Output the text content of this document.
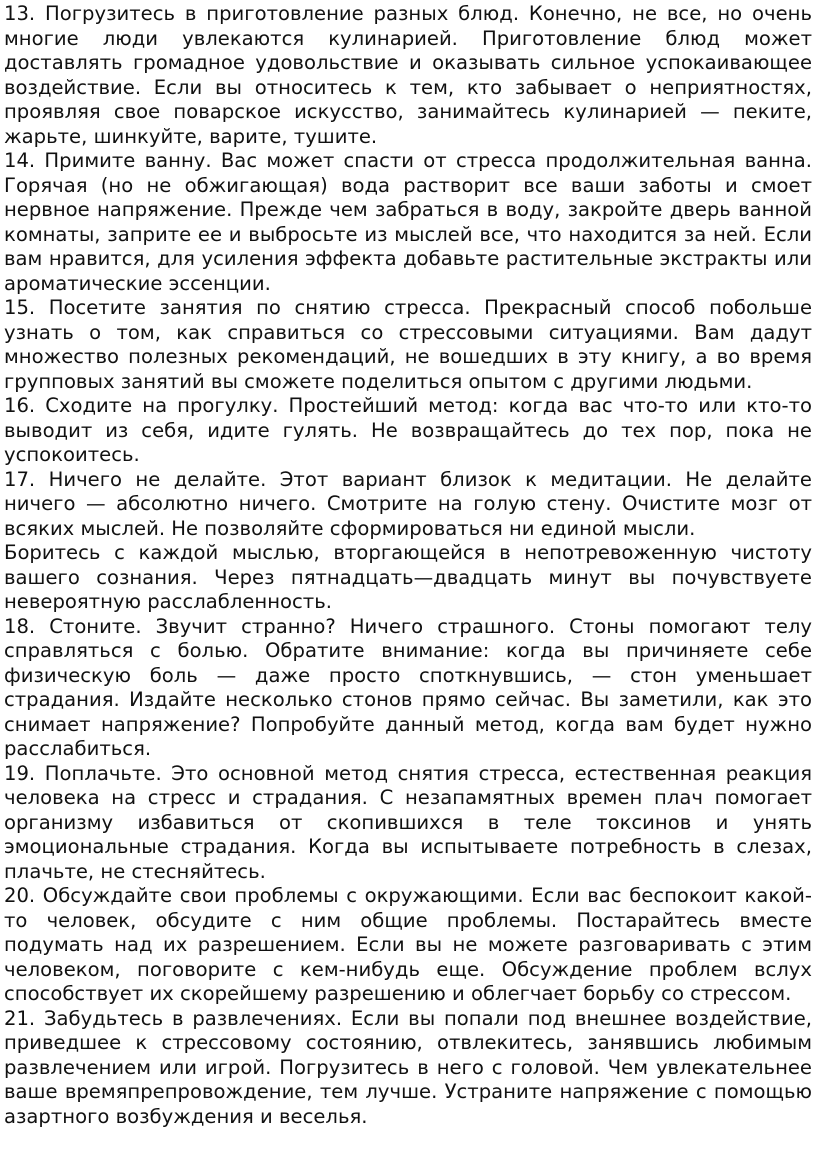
13. Погрузитесь в приготовление разных блюд. Конечно, не все, но очень многие люди увлекаются кулинарией. Приготовление блюд может доставлять громадное удовольствие и оказывать сильное успокаивающее воздействие. Если вы относитесь к тем, кто забывает о неприятностях, проявляя свое поварское искусство, занимайтесь кулинарией — пеките, жарьте, шинкуйте, варите, тушите.

14. Примите ванну. Вас может спасти от стресса продолжительная ванна. Горячая (но не обжигающая) вода растворит все ваши заботы и смоет нервное напряжение. Прежде чем забраться в воду, закройте дверь ванной комнаты, заприте ее и выбросьте из мыслей все, что находится за ней. Если вам нравится, для усиления эффекта добавьте растительные экстракты или ароматические эссенции.

15. Посетите занятия по снятию стресса. Прекрасный способ побольше узнать о том, как справиться со стрессовыми ситуациями. Вам дадут множество полезных рекомендаций, не вошедших в эту книгу, а во время групповых занятий вы сможете поделиться опытом с другими людьми.

16. Сходите на прогулку. Простейший метод: когда вас что-то или кто-то выводит из себя, идите гулять. Не возвращайтесь до тех пор, пока не успокоитесь.

17. Ничего не делайте. Этот вариант близок к медитации. Не делайте ничего — абсолютно ничего. Смотрите на голую стену. Очистите мозг от всяких мыслей. Не позволяйте сформироваться ни единой мысли.

Боритесь с каждой мыслью, вторгающейся в непотревоженную чистоту вашего сознания. Через пятнадцать—двадцать минут вы почувствуете невероятную расслабленность.

18. Стоните. Звучит странно? Ничего страшного. Стоны помогают телу справляться с болью. Обратите внимание: когда вы причиняете себе физическую боль — даже просто споткнувшись, — стон уменьшает страдания. Издайте несколько стонов прямо сейчас. Вы заметили, как это снимает напряжение? Попробуйте данный метод, когда вам будет нужно расслабиться.

19. Поплачьте. Это основной метод снятия стресса, естественная реакция человека на стресс и страдания. С незапамятных времен плач помогает организму избавиться от скопившихся в теле токсинов и унять эмоциональные страдания. Когда вы испытываете потребность в слезах, плачьте, не стесняйтесь.

20. Обсуждайте свои проблемы с окружающими. Если вас беспокоит какой-то человек, обсудите с ним общие проблемы. Постарайтесь вместе подумать над их разрешением. Если вы не можете разговаривать с этим человеком, поговорите с кем-нибудь еще. Обсуждение проблем вслух способствует их скорейшему разрешению и облегчает борьбу со стрессом.

21. Забудьтесь в развлечениях. Если вы попали под внешнее воздействие, приведшее к стрессовому состоянию, отвлекитесь, занявшись любимым развлечением или игрой. Погрузитесь в него с головой. Чем увлекательнее ваше времяпрепровождение, тем лучше. Устраните напряжение с помощью азартного возбуждения и веселья.
